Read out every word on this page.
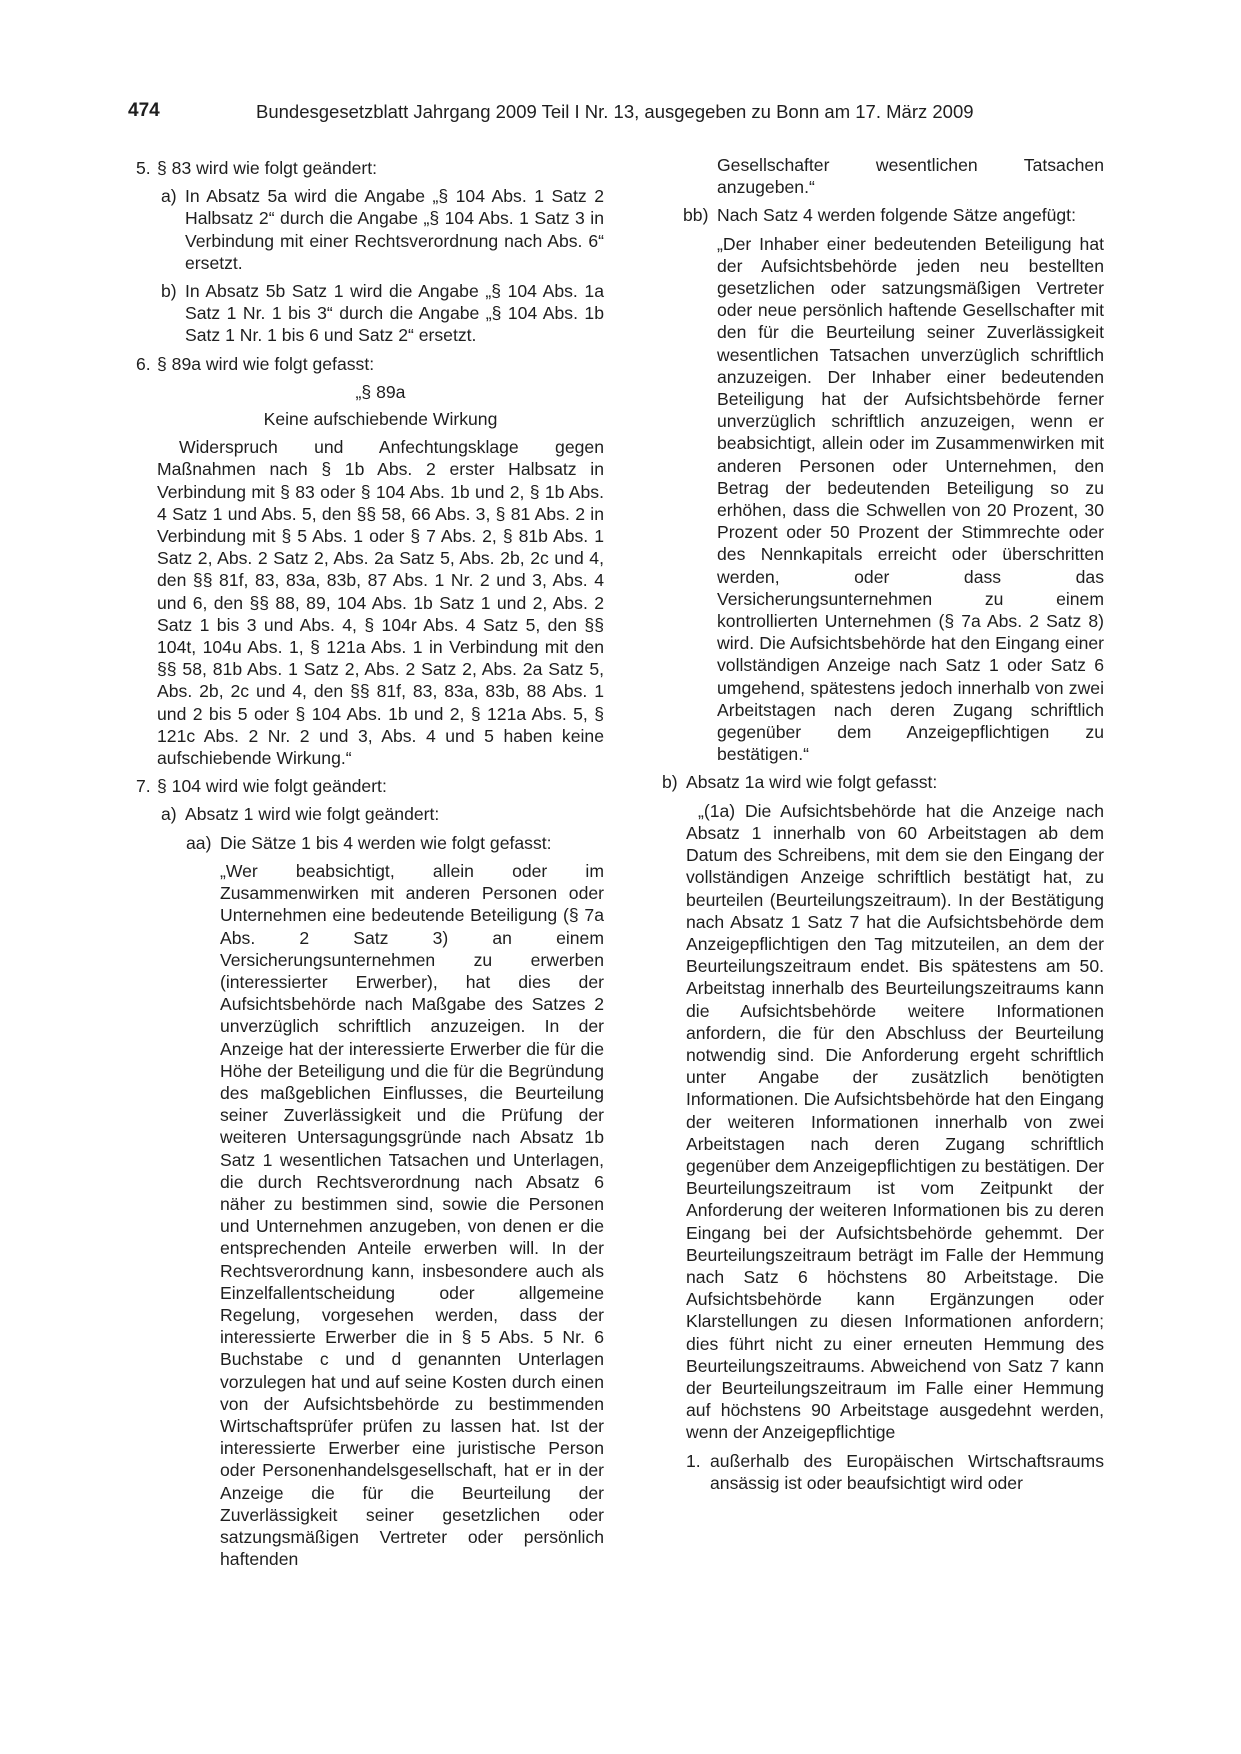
474	Bundesgesetzblatt Jahrgang 2009 Teil I Nr. 13, ausgegeben zu Bonn am 17. März 2009
5. § 83 wird wie folgt geändert:
a) In Absatz 5a wird die Angabe „§ 104 Abs. 1 Satz 2 Halbsatz 2“ durch die Angabe „§ 104 Abs. 1 Satz 3 in Verbindung mit einer Rechtsverordnung nach Abs. 6“ ersetzt.
b) In Absatz 5b Satz 1 wird die Angabe „§ 104 Abs. 1a Satz 1 Nr. 1 bis 3“ durch die Angabe „§ 104 Abs. 1b Satz 1 Nr. 1 bis 6 und Satz 2“ ersetzt.
6. § 89a wird wie folgt gefasst:

„§ 89a

Keine aufschiebende Wirkung

Widerspruch und Anfechtungsklage gegen Maßnahmen nach § 1b Abs. 2 erster Halbsatz in Verbindung mit § 83 oder § 104 Abs. 1b und 2, § 1b Abs. 4 Satz 1 und Abs. 5, den §§ 58, 66 Abs. 3, § 81 Abs. 2 in Verbindung mit § 5 Abs. 1 oder § 7 Abs. 2, § 81b Abs. 1 Satz 2, Abs. 2 Satz 2, Abs. 2a Satz 5, Abs. 2b, 2c und 4, den §§ 81f, 83, 83a, 83b, 87 Abs. 1 Nr. 2 und 3, Abs. 4 und 6, den §§ 88, 89, 104 Abs. 1b Satz 1 und 2, Abs. 2 Satz 1 bis 3 und Abs. 4, § 104r Abs. 4 Satz 5, den §§ 104t, 104u Abs. 1, § 121a Abs. 1 in Verbindung mit den §§ 58, 81b Abs. 1 Satz 2, Abs. 2 Satz 2, Abs. 2a Satz 5, Abs. 2b, 2c und 4, den §§ 81f, 83, 83a, 83b, 88 Abs. 1 und 2 bis 5 oder § 104 Abs. 1b und 2, § 121a Abs. 5, § 121c Abs. 2 Nr. 2 und 3, Abs. 4 und 5 haben keine aufschiebende Wirkung.“

7. § 104 wird wie folgt geändert:
a) Absatz 1 wird wie folgt geändert:
aa) Die Sätze 1 bis 4 werden wie folgt gefasst:

„Wer beabsichtigt, allein oder im Zusammenwirken mit anderen Personen oder Unternehmen eine bedeutende Beteiligung (§ 7a Abs. 2 Satz 3) an einem Versicherungsunternehmen zu erwerben (interessierter Erwerber), hat dies der Aufsichtsbehörde nach Maßgabe des Satzes 2 unverzüglich schriftlich anzuzeigen. In der Anzeige hat der interessierte Erwerber die für die Höhe der Beteiligung und die für die Begründung des maßgeblichen Einflusses, die Beurteilung seiner Zuverlässigkeit und die Prüfung der weiteren Untersagungsgründe nach Absatz 1b Satz 1 wesentlichen Tatsachen und Unterlagen, die durch Rechtsverordnung nach Absatz 6 näher zu bestimmen sind, sowie die Personen und Unternehmen anzugeben, von denen er die entsprechenden Anteile erwerben will. In der Rechtsverordnung kann, insbesondere auch als Einzelfallentscheidung oder allgemeine Regelung, vorgesehen werden, dass der interessierte Erwerber die in § 5 Abs. 5 Nr. 6 Buchstabe c und d genannten Unterlagen vorzulegen hat und auf seine Kosten durch einen von der Aufsichtsbehörde zu bestimmenden Wirtschaftsprüfer prüfen zu lassen hat. Ist der interessierte Erwerber eine juristische Person oder Personenhandelsgesellschaft, hat er in der Anzeige die für die Beurteilung der Zuverlässigkeit seiner gesetzlichen oder satzungsmäßigen Vertreter oder persönlich haftenden

Gesellschafter wesentlichen Tatsachen anzugeben.“

bb) Nach Satz 4 werden folgende Sätze angefügt:

„Der Inhaber einer bedeutenden Beteiligung hat der Aufsichtsbehörde jeden neu bestellten gesetzlichen oder satzungsmäßigen Vertreter oder neue persönlich haftende Gesellschafter mit den für die Beurteilung seiner Zuverlässigkeit wesentlichen Tatsachen unverzüglich schriftlich anzuzeigen. Der Inhaber einer bedeutenden Beteiligung hat der Aufsichtsbehörde ferner unverzüglich schriftlich anzuzeigen, wenn er beabsichtigt, allein oder im Zusammenwirken mit anderen Personen oder Unternehmen, den Betrag der bedeutenden Beteiligung so zu erhöhen, dass die Schwellen von 20 Prozent, 30 Prozent oder 50 Prozent der Stimmrechte oder des Nennkapitals erreicht oder überschritten werden, oder dass das Versicherungsunternehmen zu einem kontrollierten Unternehmen (§ 7a Abs. 2 Satz 8) wird. Die Aufsichtsbehörde hat den Eingang einer vollständigen Anzeige nach Satz 1 oder Satz 6 umgehend, spätestens jedoch innerhalb von zwei Arbeitstagen nach deren Zugang schriftlich gegenüber dem Anzeigepflichtigen zu bestätigen.“

b) Absatz 1a wird wie folgt gefasst:

„(1a) Die Aufsichtsbehörde hat die Anzeige nach Absatz 1 innerhalb von 60 Arbeitstagen ab dem Datum des Schreibens, mit dem sie den Eingang der vollständigen Anzeige schriftlich bestätigt hat, zu beurteilen (Beurteilungszeitraum). In der Bestätigung nach Absatz 1 Satz 7 hat die Aufsichtsbehörde dem Anzeigepflichtigen den Tag mitzuteilen, an dem der Beurteilungszeitraum endet. Bis spätestens am 50. Arbeitstag innerhalb des Beurteilungszeitraums kann die Aufsichtsbehörde weitere Informationen anfordern, die für den Abschluss der Beurteilung notwendig sind. Die Anforderung ergeht schriftlich unter Angabe der zusätzlich benötigten Informationen. Die Aufsichtsbehörde hat den Eingang der weiteren Informationen innerhalb von zwei Arbeitstagen nach deren Zugang schriftlich gegenüber dem Anzeigepflichtigen zu bestätigen. Der Beurteilungszeitraum ist vom Zeitpunkt der Anforderung der weiteren Informationen bis zu deren Eingang bei der Aufsichtsbehörde gehemmt. Der Beurteilungszeitraum beträgt im Falle der Hemmung nach Satz 6 höchstens 80 Arbeitstage. Die Aufsichtsbehörde kann Ergänzungen oder Klarstellungen zu diesen Informationen anfordern; dies führt nicht zu einer erneuten Hemmung des Beurteilungszeitraums. Abweichend von Satz 7 kann der Beurteilungszeitraum im Falle einer Hemmung auf höchstens 90 Arbeitstage ausgedehnt werden, wenn der Anzeigepflichtige

1. außerhalb des Europäischen Wirtschaftsraums ansässig ist oder beaufsichtigt wird oder
